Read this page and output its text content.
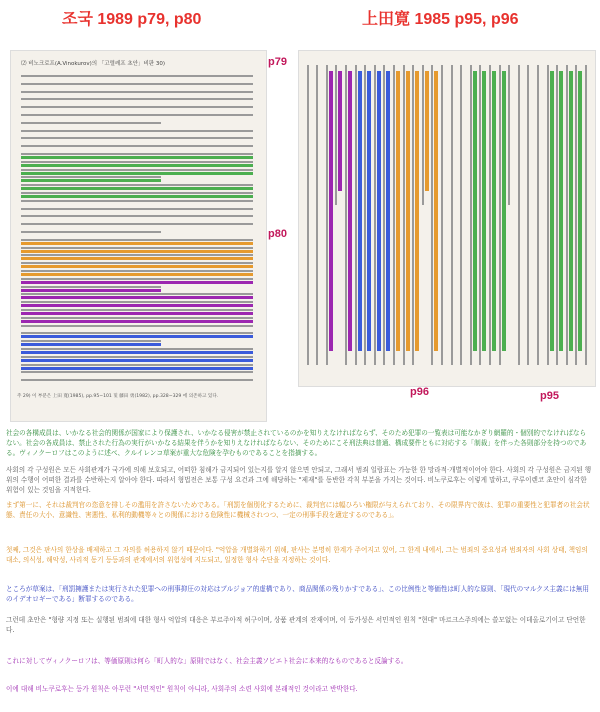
조국 1989 p79, p80	上田寛 1985 p95, p96
⑵ 비노크로프(A.Vinokurov)의 「고렬레프 초안」비판 30)
주 29) 이 부분은 上田 寛(1985), pp.95∼101 및 藤田 勇(1982), pp.328∼329 에 의존하고 있다.
p79
p80
p96	p95
社会の各構成員は、いかなる社会的関係が国家により保護され、いかなる侵害が禁止されているのかを知りえなければならず、そのため犯罪の一覧表は可能なかぎり網羅的・個別的でなければならない。社会の各成員は、禁止された行為の実行がいかなる結果を伴うかを知りえなければならない、そのためにこそ刑法典は普通、構成要件ともに対応する「制裁」を伴った各則部分を持つのである。ヴィノクーロフはこのように述べ、クルイレンコ草案が重大な危険を孕むものであることを指摘する。
사회의 각 구성원은 모든 사회관계가 국가에 의해 보호되고, 어떠한 침해가 금지되어 있는지를 알지 않으면 안되고, 그래서 범죄 일람표는 가능한 한 망라적·개별적이어야 한다. 사회의 각 구성원은 금지된 행위의 수행이 어떠한 결과를 수반하는지 알아야 한다. 따라서 형법전은 보통 구성 요건과 그에 해당하는 "제재"를 동반한 각칙 부분을 가지는 것이다. 비노쿠로후는 이렇게 말하고, 쿠루이렌코 초안이 심각한 위험이 있는 것임을 지적한다.
まず第一に、それは裁判官の恣意を排しその濫用を許さないためである。「刑罰を個別化するために、裁判官には幅ひろい権限が与えられており、その限界内で彼は、犯罪の重要性と犯罪者の社会状態、責任の大小、意識性、害悪性、私利的動機等々との関係における危険性に機械されつつ、一定の刑事手段を適定するのである」。
첫째, 그것은 판사의 한상을 배제하고 그 자의를 허용하지 않기 때문이다. "억압을 개별화하기 위해, 판사는 분명히 한계가 주어지고 있어, 그 한계 내에서, 그는 범죄의 중요성과 범죄자의 사회 상태, 책임의 대소, 의식성, 해악성, 사리적 동기 등등과의 관계에서의 위험성에 지도되고, 일정한 형사 수단을 지정하는 것이다.
ところが草案は、「刑罰擁護または実行された犯罪への刑事抑圧の対応はブルジョア的虚構であり、商品関係の残りかすである」、この比例性と等価性は町人的な原則、「現代のマルクス主義には無用のイデオロギーである」断罪するのである。
그런데 초안은 "형량 지정 또는 실행된 범죄에 대한 형사 억압의 대응은 부르주아적 허구이며, 상품 관계의 잔재이며, 이 등가성은 서민적인 원칙 "현대" 마르크스주의에는 쓸모없는 이데올로기이고 단언한다.
これに対してヴィノクーロフは、等価原則は何ら「町人的な」原則ではなく、社会主義ソビエト社会に本来的なものであると反論する。
이에 대해 비노쿠로후는 등가 원칙은 아무런 "서민적인" 원칙이 아니라, 사회주의 소련 사회에 본래적인 것이라고 반박한다.
